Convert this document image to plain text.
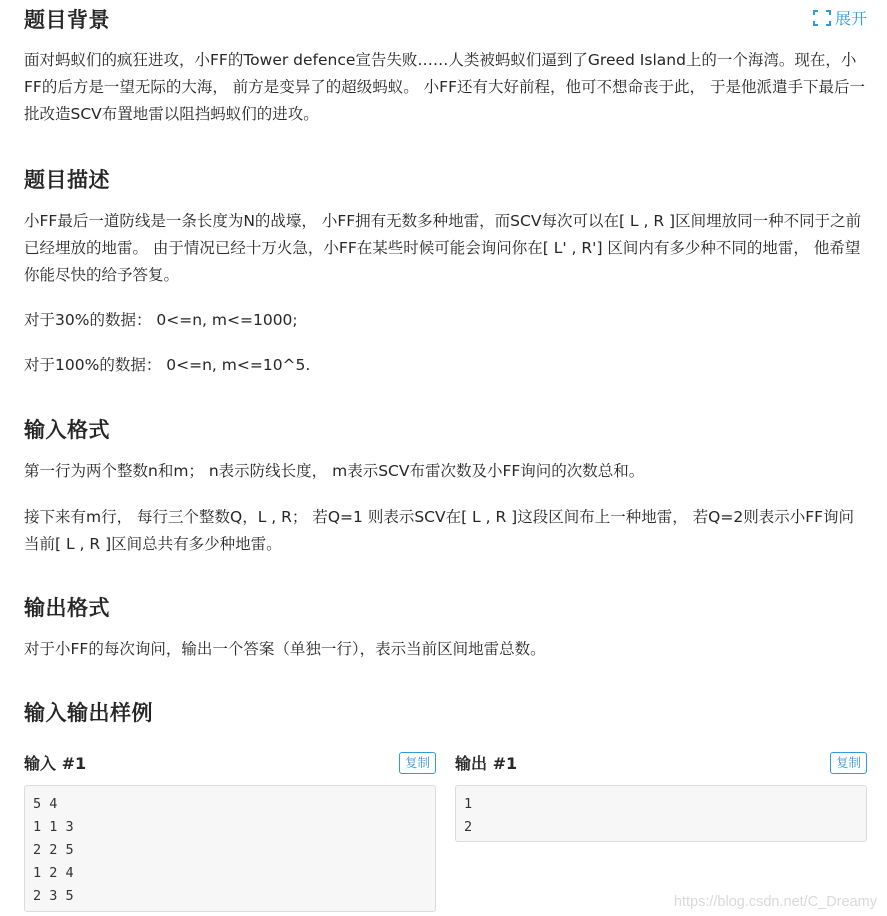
题目背景	展开

面对蚂蚁们的疯狂进攻，小FF的Tower defence宣告失败……人类被蚂蚁们逼到了Greed Island上的一个海湾。现在，小FF的后方是一望无际的大海， 前方是变异了的超级蚂蚁。 小FF还有大好前程，他可不想命丧于此， 于是他派遣手下最后一批改造SCV布置地雷以阻挡蚂蚁们的进攻。

题目描述

小FF最后一道防线是一条长度为N的战壕， 小FF拥有无数多种地雷，而SCV每次可以在[ L , R ]区间埋放同一种不同于之前已经埋放的地雷。 由于情况已经十万火急，小FF在某些时候可能会询问你在[ L' , R'] 区间内有多少种不同的地雷， 他希望你能尽快的给予答复。

对于30%的数据： 0<=n, m<=1000;

对于100%的数据： 0<=n, m<=10^5.

输入格式

第一行为两个整数n和m； n表示防线长度， m表示SCV布雷次数及小FF询问的次数总和。

接下来有m行， 每行三个整数Q，L , R； 若Q=1 则表示SCV在[ L , R ]这段区间布上一种地雷， 若Q=2则表示小FF询问当前[ L , R ]区间总共有多少种地雷。

输出格式

对于小FF的每次询问，输出一个答案（单独一行），表示当前区间地雷总数。

输入输出样例
输入 #1	复制	输出 #1	复制
5 4
1 1 3
2 2 5
1 2 4
2 3 5
1
2
https://blog.csdn.net/C_Dreamy
